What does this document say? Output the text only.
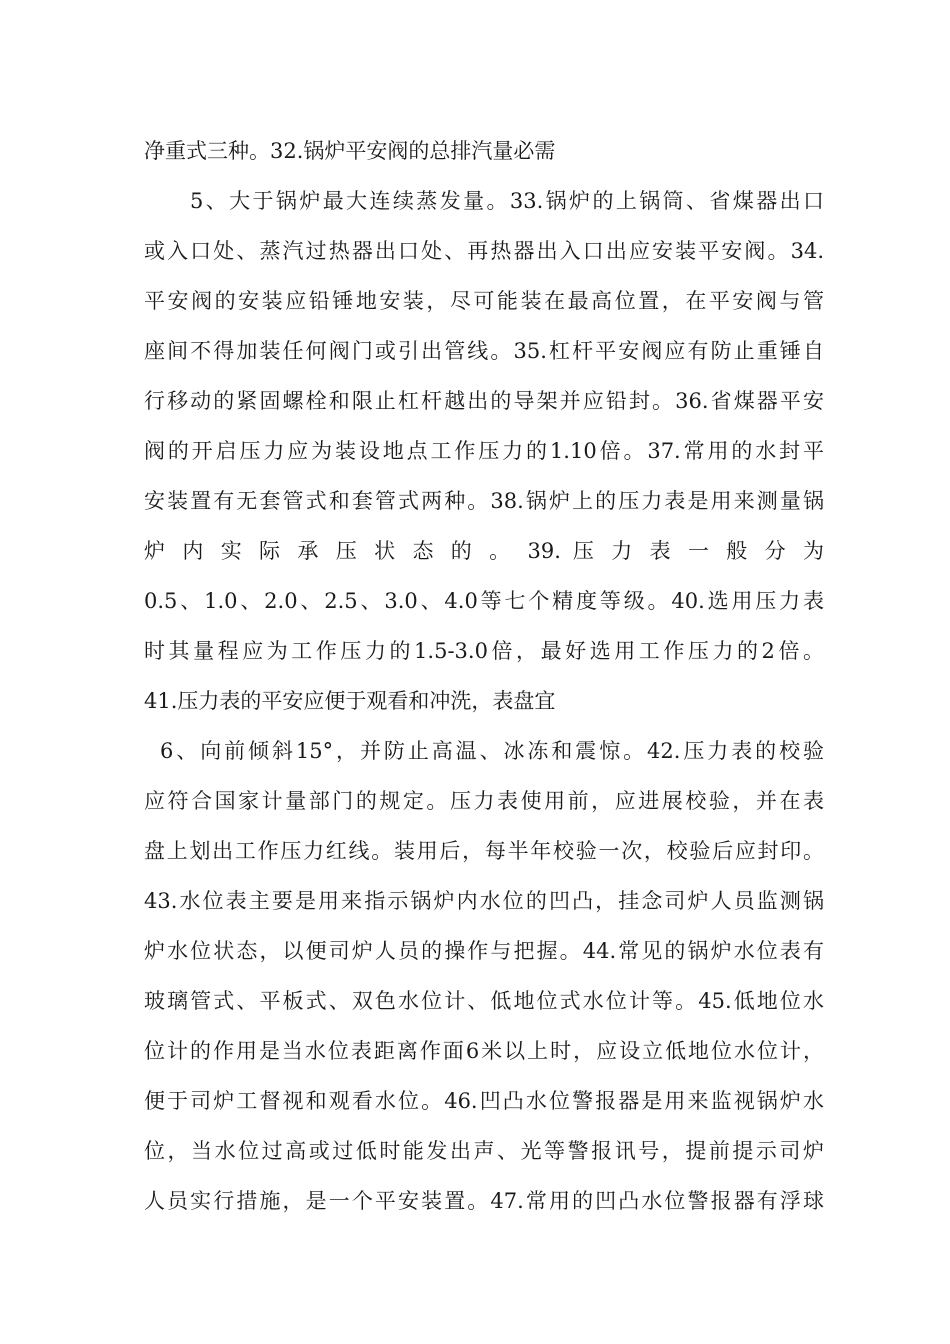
净重式三种。32.锅炉平安阀的总排汽量必需
5、大于锅炉最大连续蒸发量。33.锅炉的上锅筒、省煤器出口
或入口处、蒸汽过热器出口处、再热器出入口出应安装平安阀。34.
平安阀的安装应铅锤地安装，尽可能装在最高位置，在平安阀与管
座间不得加装任何阀门或引出管线。35.杠杆平安阀应有防止重锤自
行移动的紧固螺栓和限止杠杆越出的导架并应铅封。36.省煤器平安
阀的开启压力应为装设地点工作压力的1.10倍。37.常用的水封平
安装置有无套管式和套管式两种。38.锅炉上的压力表是用来测量锅
炉 内 实 际 承 压 状 态 的 。 39. 压 力 表 一 般 分 为
0.5、1.0、2.0、2.5、3.0、4.0等七个精度等级。40.选用压力表
时其量程应为工作压力的1.5-3.0倍，最好选用工作压力的2倍。
41.压力表的平安应便于观看和冲洗，表盘宜
6、向前倾斜15°，并防止高温、冰冻和震惊。42.压力表的校验
应符合国家计量部门的规定。压力表使用前，应进展校验，并在表
盘上划出工作压力红线。装用后，每半年校验一次，校验后应封印。
43.水位表主要是用来指示锅炉内水位的凹凸，挂念司炉人员监测锅
炉水位状态，以便司炉人员的操作与把握。44.常见的锅炉水位表有
玻璃管式、平板式、双色水位计、低地位式水位计等。45.低地位水
位计的作用是当水位表距离作面6米以上时，应设立低地位水位计，
便于司炉工督视和观看水位。46.凹凸水位警报器是用来监视锅炉水
位，当水位过高或过低时能发出声、光等警报讯号，提前提示司炉
人员实行措施，是一个平安装置。47.常用的凹凸水位警报器有浮球
